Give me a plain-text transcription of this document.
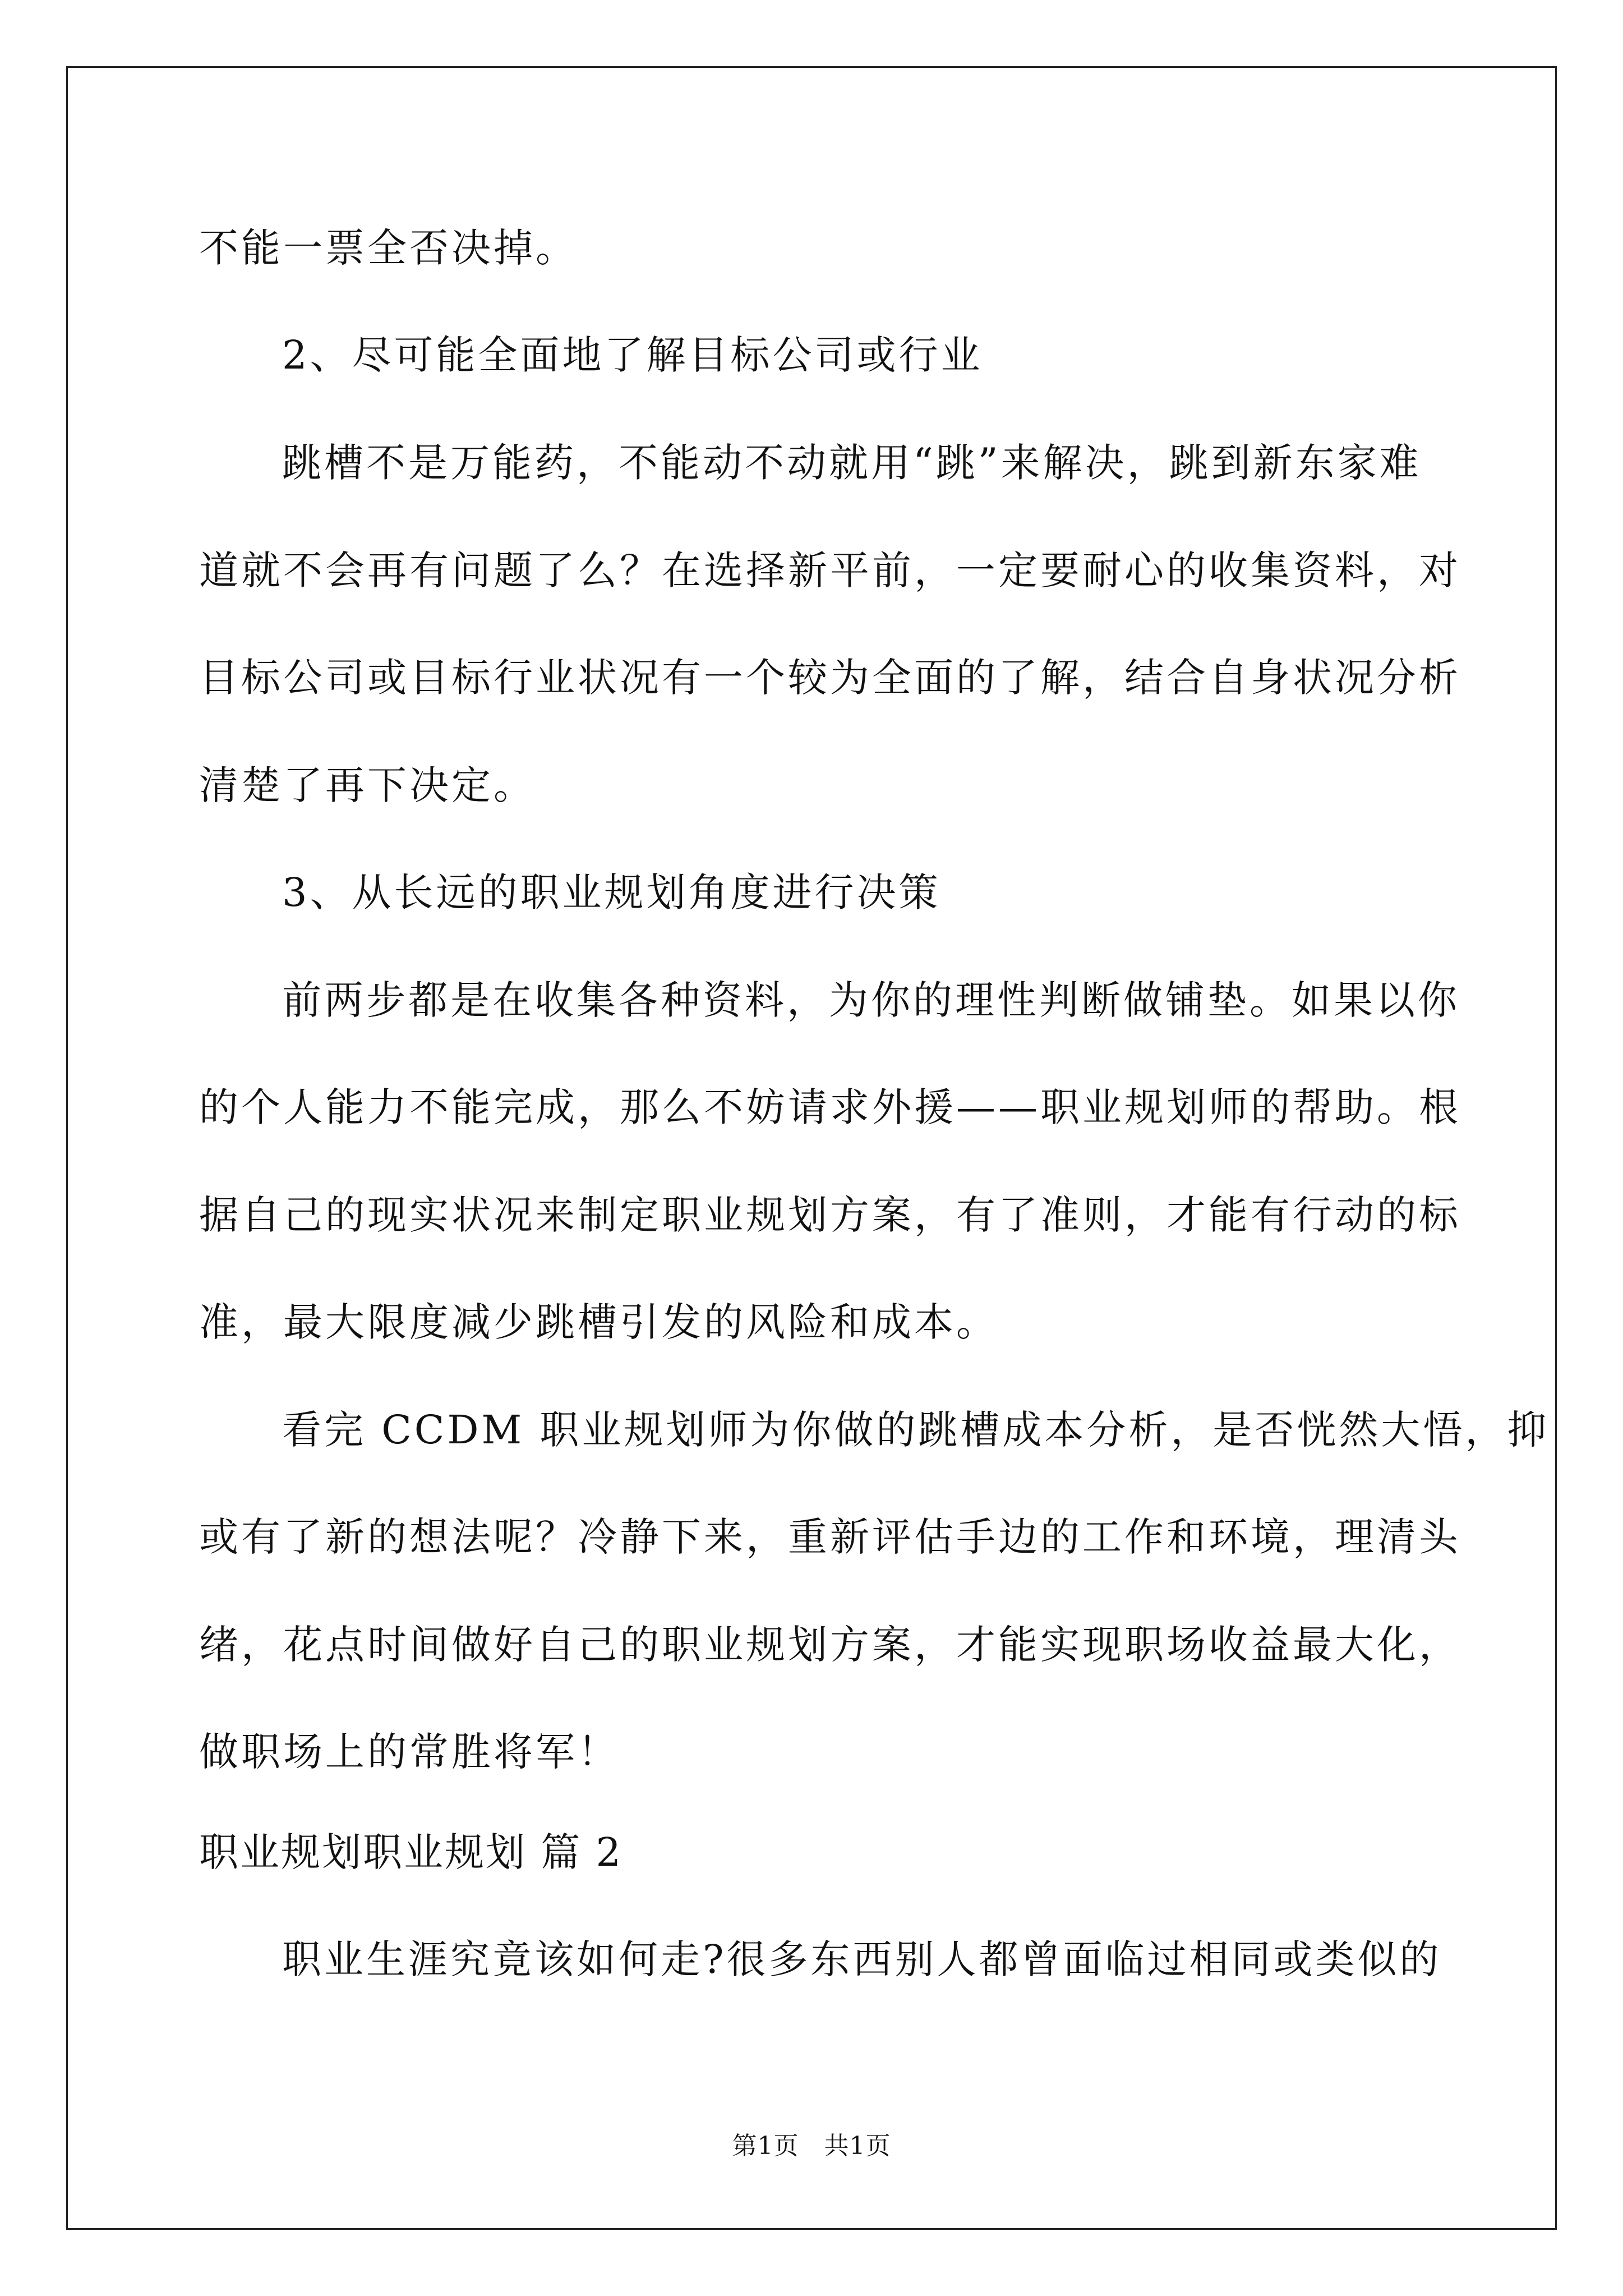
不能一票全否决掉。
2、尽可能全面地了解目标公司或行业
跳槽不是万能药，不能动不动就用“跳”来解决，跳到新东家难
道就不会再有问题了么？在选择新平前，一定要耐心的收集资料，对
目标公司或目标行业状况有一个较为全面的了解，结合自身状况分析
清楚了再下决定。
3、从长远的职业规划角度进行决策
前两步都是在收集各种资料，为你的理性判断做铺垫。如果以你
的个人能力不能完成，那么不妨请求外援——职业规划师的帮助。根
据自己的现实状况来制定职业规划方案，有了准则，才能有行动的标
准，最大限度减少跳槽引发的风险和成本。
看完 CCDM 职业规划师为你做的跳槽成本分析，是否恍然大悟，抑
或有了新的想法呢？冷静下来，重新评估手边的工作和环境，理清头
绪，花点时间做好自己的职业规划方案，才能实现职场收益最大化，
做职场上的常胜将军！
职业规划职业规划 篇 2
职业生涯究竟该如何走?很多东西别人都曾面临过相同或类似的
第1页   共1页
